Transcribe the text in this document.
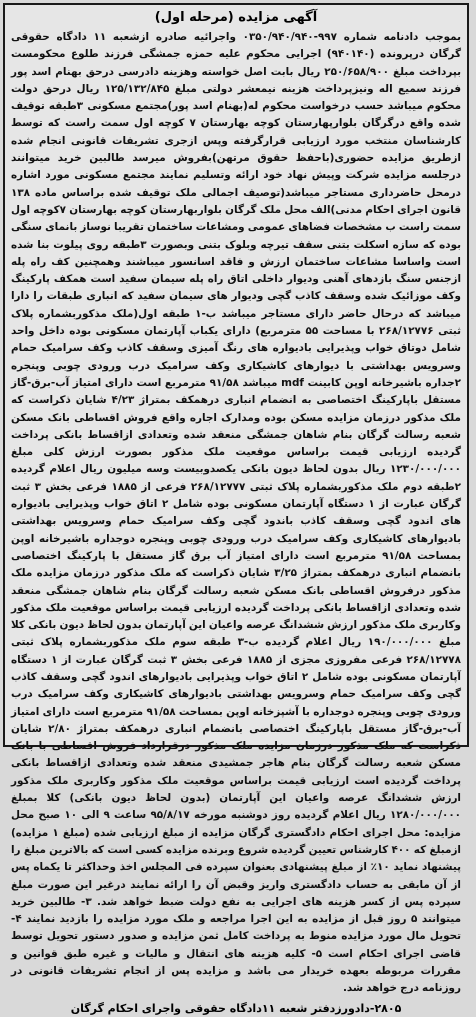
آگهی مزایده (مرحله اول)

بموجب دادنامه شماره ۹۹۷-۰۳۵۰/۹۴۰/۹۴۰ واجرائیه صادره ازشعبه ۱۱ دادگاه حقوقی گرگان درپرونده (۹۴۰۱۴۰) اجرایی محکوم علیه حمزه جمشگی فرزند طلوع محکومست بپرداخت مبلغ ۲۵۰/۶۵۸/۹۰۰ ریال بابت اصل خواسته وهزینه دادرسی درحق بهنام اسد پور فرزند سمیع اله ونیزپرداخت هزینه نیمعشر دولتی مبلغ ۱۲۵/۱۳۲/۸۴۵ ریال درحق دولت محکوم میباشد حسب درخواست محکوم له(بهنام اسد پور)مجتمع مسکونی ۳طبقه توقیف شده واقع درگرگان بلوارپهارستان کوچه بهارستان ۷ کوچه اول سمت راست که توسط کارشناسان منتخب مورد ارزیابی قرارگرفته وپس ازجری تشریفات قانونی انجام شده ازطریق مزایده حضوری(باحفظ حقوق مرتهن)بفروش میرسد طالبین خرید میتوانند درجلسه مزایده شرکت وپیش نهاد خود ارائه وتسلیم نمایند مجتمع مسکونی مورد اشاره درمحل حاضرداری مستاجر میباشد(توصیف اجمالی ملک توقیف شده براساس ماده ۱۳۸ قانون اجرای احکام مدنی)الف محل ملک گرگان بلواربهارستان کوچه بهارستان ۷کوچه اول سمت راست ب مشخصات فضاهای عمومی ومشاعات ساختمان تقریبا نوساز بانمای سنگی بوده که سازه اسکلت بتنی سقف تیرچه وبلوک بتنی وبصورت ۳طبقه روی پیلوت بنا شده است واساسا مشاعات ساختمان ارزش و فاقد اسانسور میباشند وهمچنین کف راه پله ازجنس سنگ بازدهای آهنی ودیوار داخلی اتاق راه پله سیمان سفید است همکف پارکینگ وکف موزائیک شده وسقف کاذب گچی ودیوار های سیمان سفید که انباری طبقات را دارا میباشد که درحال حاضر دارای مستاجر میباشد ب-۱ طبقه اول(ملک مذکوربشماره پلاک ثبتی ۲۶۸/۱۲۷۷۶ با مساحت ۵۵ مترمربع) دارای یکباب آپارتمان مسکونی بوده داخل واحد شامل دوتاق خواب وپذیرایی بادیواره های رنگ آمیزی وسقف کاذب وکف سرامیک حمام وسرویس بهداشتی با دیوارهای کاشیکاری وکف سرامیک درب ورودی چوبی وپنجره ۲جداره باشیرخانه اوپن کابینت mdf میباشد ۹۱/۵۸ مترمربع است دارای امتیاز آب-برق-گاز مستقل باپارکینگ اختصاصی به انضمام انباری درهمکف بمتراژ ۴/۲۳ شایان ذکراست که ملک مذکور درزمان مزایده مسکن بوده ومدارک اجاره واقع فروش اقساطی بانک مسکن شعبه رسالت گرگان بنام شاهان جمشگی منعقد شده وتعدادی ازاقساط بانکی پرداخت گردیده ارزیابی قیمت براساس موقعیت ملک مذکور بصورت ارزش کلی مبلغ ۱۲۳۰/۰۰۰/۰۰۰ ریال بدون لحاظ دیون بانکی یکصدوبیست وسه میلیون ریال اعلام گردیده ۲طبقه دوم ملک مذکوربشماره پلاک ثبتی ۲۶۸/۱۲۷۷۷ فرعی از ۱۸۸۵ فرعی بخش ۳ ثبت گرگان عبارت از ۱ دستگاه آپارتمان مسکونی بوده شامل ۲ اتاق خواب وپذیرایی بادیواره های اندود گچی وسقف کاذب باندود گچی وکف سرامیک حمام وسرویس بهداشتی بادیوارهای کاشیکاری وکف سرامیک درب ورودی چوبی وپنجره دوجداره باشیرخانه اوپن بمساحت ۹۱/۵۸ مترمربع است دارای امتیاز آب برق گاز مستقل با پارکینگ اختصاصی بانضمام انباری درهمکف بمتراژ ۳/۲۵ شایان ذکراست که ملک مذکور درزمان مزایده ملک مذکور درفروش اقساطی بانک مسکن شعبه رسالت گرگان بنام شاهان جمشگی منعقد شده وتعدادی ازاقساط بانکی پرداخت گردیده ارزیابی قیمت براساس موقعیت ملک مذکور وکاربری ملک مذکور ارزش ششدانگ عرصه واعیان این آپارتمان بدون لحاظ دیون بانکی کلا مبلغ ۱۹۰/۰۰۰/۰۰۰ ریال اعلام گردیده ب-۳ طبقه سوم ملک مذکوربشماره پلاک ثبتی ۲۶۸/۱۲۷۷۸ فرعی مفروزی مجزی از ۱۸۸۵ فرعی بخش ۳ ثبت گرگان عبارت از ۱ دستگاه آپارتمان مسکونی بوده شامل ۲ اتاق خواب وپذیرایی بادیوارهای اندود گچی وسقف کاذب گچی وکف سرامیک حمام وسرویس بهداشتی بادیوارهای کاشیکاری وکف سرامیک درب ورودی چوبی وپنجره دوجداره با آشپزخانه اوپن بمساحت ۹۱/۵۸ مترمربع است دارای امتیاز آب-برق-گاز مستقل باپارکینگ اختصاصی بانضمام انباری درهمکف بمتراژ ۲/۸۰ شایان ذکراست که ملک مذکور درزمان مزایده ملک مذکور درقرارداد فروش اقساطی با بانک مسکن شعبه رسالت گرگان بنام هاجر جمشیدی منعقد شده وتعدادی ازاقساط بانکی پرداخت گردیده است ارزیابی قیمت براساس موقعیت ملک مذکور وکاربری ملک مذکور ارزش ششدانگ عرصه واعیان این آپارتمان (بدون لحاظ دیون بانکی) کلا بمبلغ ۱۲۸۰/۰۰۰/۰۰۰ ریال اعلام گردیده روز دوشنبه مورخه ۹۵/۸/۱۷ ساعت ۹ الی ۱۰ صبح محل مزایده: محل اجرای احکام دادگستری گرگان مزایده از مبلغ ارزیابی شده (مبلغ ۱ مزایده) ازمبلغ که ۴۰۰ کارشناس تعیین گردیده شروع وبرنده مزایده کسی است که بالاترین مبلغ را پیشنهاد نماید ۱۰٪ از مبلغ پیشنهادی بعنوان سپرده فی المجلس اخذ وحداکثر تا یکماه پس از آن مابقی به حساب دادگستری واریز وقبض آن را ارائه نمایند درغیر این صورت مبلغ سپرده پس از کسر هزینه های اجرایی به نفع دولت ضبط خواهد شد. ۳- طالبین خرید میتوانند ۵ روز قبل از مزایده به این اجرا مراجعه و ملک مورد مزایده را بازدید نمایند ۴- تحویل مال مورد مزایده منوط به پرداخت کامل ثمن مزایده و صدور دستور تحویل توسط قاضی اجرای احکام است ۵- کلیه هزینه های انتقال و مالیات و غیره طبق قوانین و مقررات مربوطه بعهده خریدار می باشد و مزایده پس از انجام تشریفات قانونی در روزنامه درج خواهد شد.

۲۸۰۵-دادورزدفتر شعبه ۱۱دادگاه حقوقی واجرای احکام گرگان
